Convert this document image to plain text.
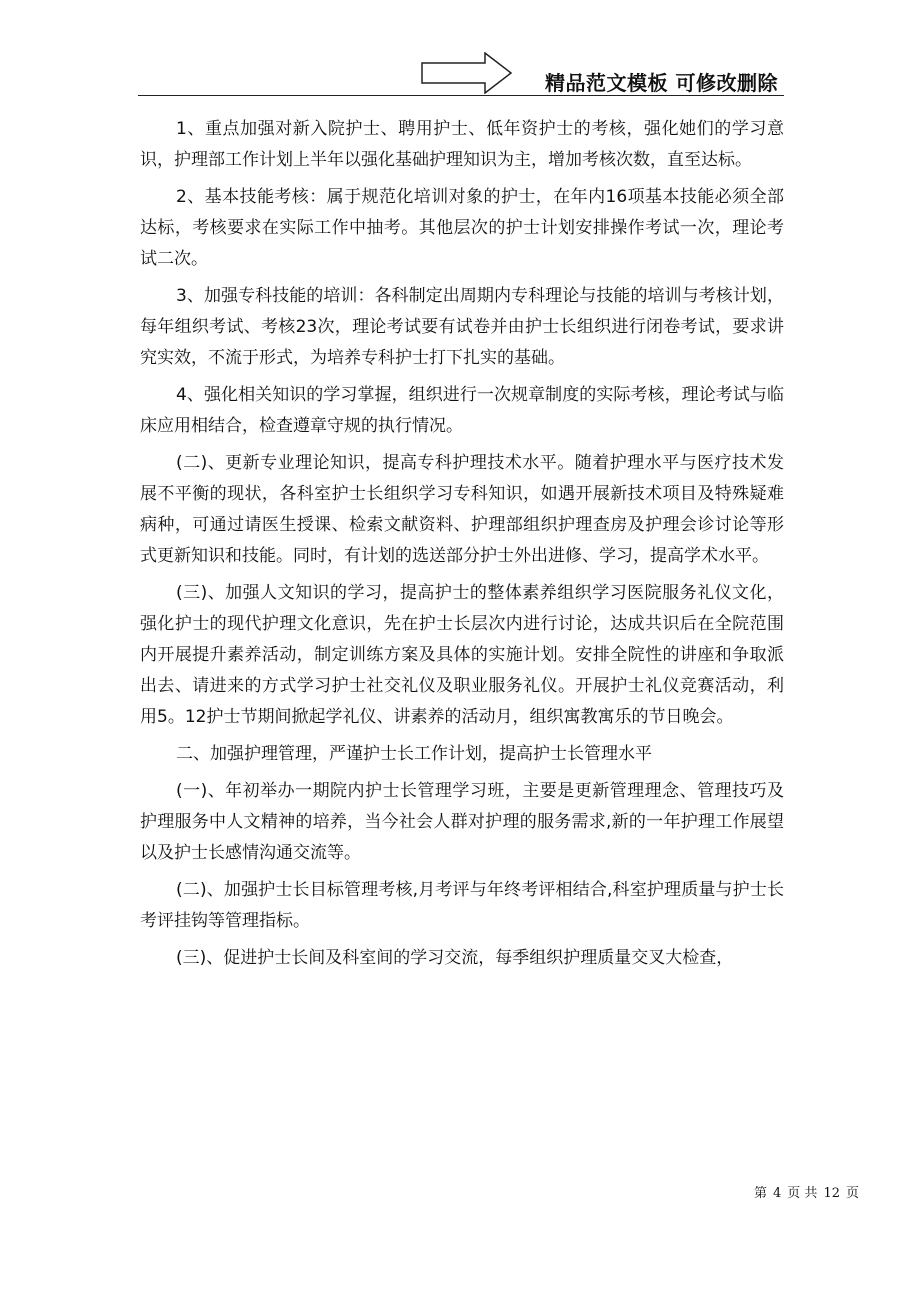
精品范文模板 可修改删除

1、重点加强对新入院护士、聘用护士、低年资护士的考核，强化她们的学习意识，护理部工作计划上半年以强化基础护理知识为主，增加考核次数，直至达标。

2、基本技能考核：属于规范化培训对象的护士，在年内16项基本技能必须全部达标，考核要求在实际工作中抽考。其他层次的护士计划安排操作考试一次，理论考试二次。

3、加强专科技能的培训：各科制定出周期内专科理论与技能的培训与考核计划，每年组织考试、考核23次，理论考试要有试卷并由护士长组织进行闭卷考试，要求讲究实效，不流于形式，为培养专科护士打下扎实的基础。

4、强化相关知识的学习掌握，组织进行一次规章制度的实际考核，理论考试与临床应用相结合，检查遵章守规的执行情况。

(二)、更新专业理论知识，提高专科护理技术水平。随着护理水平与医疗技术发展不平衡的现状，各科室护士长组织学习专科知识，如遇开展新技术项目及特殊疑难病种，可通过请医生授课、检索文献资料、护理部组织护理查房及护理会诊讨论等形式更新知识和技能。同时，有计划的选送部分护士外出进修、学习，提高学术水平。

(三)、加强人文知识的学习，提高护士的整体素养组织学习医院服务礼仪文化，强化护士的现代护理文化意识，先在护士长层次内进行讨论，达成共识后在全院范围内开展提升素养活动，制定训练方案及具体的实施计划。安排全院性的讲座和争取派出去、请进来的方式学习护士社交礼仪及职业服务礼仪。开展护士礼仪竞赛活动，利用5。12护士节期间掀起学礼仪、讲素养的活动月，组织寓教寓乐的节日晚会。

二、加强护理管理，严谨护士长工作计划，提高护士长管理水平

(一)、年初举办一期院内护士长管理学习班，主要是更新管理理念、管理技巧及护理服务中人文精神的培养，当今社会人群对护理的服务需求,新的一年护理工作展望以及护士长感情沟通交流等。

(二)、加强护士长目标管理考核,月考评与年终考评相结合,科室护理质量与护士长考评挂钩等管理指标。

(三)、促进护士长间及科室间的学习交流，每季组织护理质量交叉大检查，

第 4 页 共 12 页
